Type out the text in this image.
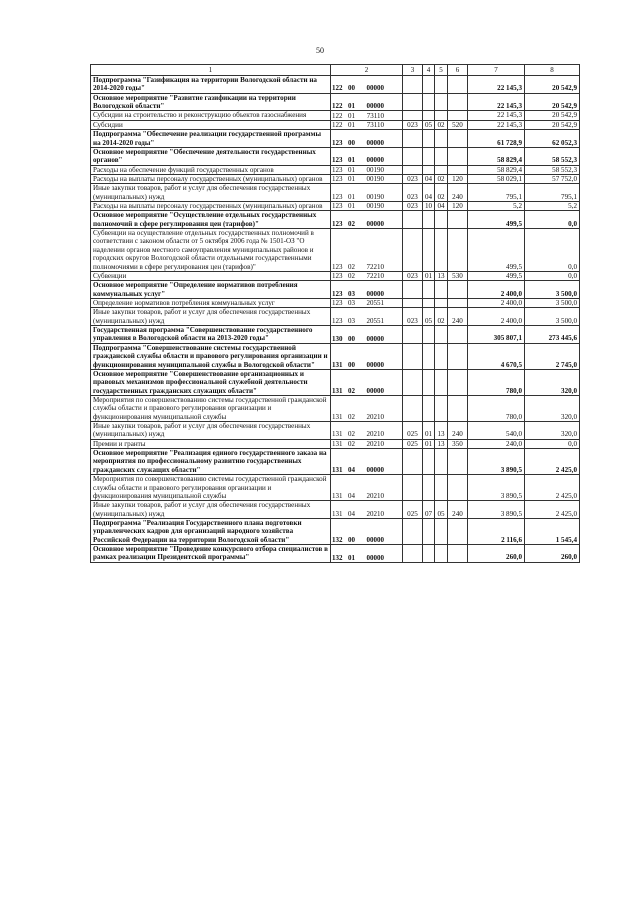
50
1	2	3	4	5	6	7	8
Подпрограмма "Газификация на территории Вологодской области на 2014-2020 годы"	122 00 00000					22 145,3	20 542,9
Основное мероприятие "Развитие газификации на территории Вологодской области"	122 01 00000					22 145,3	20 542,9
Субсидии на строительство и реконструкцию объектов газоснабжения	122 01 73110					22 145,3	20 542,9
Субсидии	122 01 73110	023	05	02	520	22 145,3	20 542,9
Подпрограмма "Обеспечение реализации государственной программы на 2014-2020 годы"	123 00 00000					61 728,9	62 052,3
Основное мероприятие "Обеспечение деятельности государственных органов"	123 01 00000					58 829,4	58 552,3
Расходы на обеспечение функций государственных органов	123 01 00190					58 829,4	58 552,3
Расходы на выплаты персоналу государственных (муниципальных) органов	123 01 00190	023	04	02	120	58 029,1	57 752,0
Иные закупки товаров, работ и услуг для обеспечения государственных (муниципальных) нужд	123 01 00190	023	04	02	240	795,1	795,1
Расходы на выплаты персоналу государственных (муниципальных) органов	123 01 00190	023	10	04	120	5,2	5,2
Основное мероприятие "Осуществление отдельных государственных полномочий в сфере регулирования цен (тарифов)"	123 02 00000					499,5	0,0
Субвенции на осуществление отдельных государственных полномочий в соответствии с законом области от 5 октября 2006 года № 1501-ОЗ "О наделении органов местного самоуправления муниципальных районов и городских округов Вологодской области отдельными государственными полномочиями в сфере регулирования цен (тарифов)"	123 02 72210					499,5	0,0
Субвенции	123 02 72210	023	01	13	530	499,5	0,0
Основное мероприятие "Определение нормативов потребления коммунальных услуг"	123 03 00000					2 400,0	3 500,0
Определение нормативов потребления коммунальных услуг	123 03 20551					2 400,0	3 500,0
Иные закупки товаров, работ и услуг для обеспечения государственных (муниципальных) нужд	123 03 20551	023	05	02	240	2 400,0	3 500,0
Государственная программа "Совершенствование государственного управления в Вологодской области на 2013-2020 годы"	130 00 00000					305 807,1	273 445,6
Подпрограмма "Совершенствование системы государственной гражданской службы области и правового регулирования организации и функционирования муниципальной службы в Вологодской области"	131 00 00000					4 670,5	2 745,0
Основное мероприятие "Совершенствование организационных и правовых механизмов профессиональной служебной деятельности государственных гражданских служащих области"	131 02 00000					780,0	320,0
Мероприятия по совершенствованию системы государственной гражданской службы области и правового регулирования организации и функционирования муниципальной службы	131 02 20210					780,0	320,0
Иные закупки товаров, работ и услуг для обеспечения государственных (муниципальных) нужд	131 02 20210	025	01	13	240	540,0	320,0
Премии и гранты	131 02 20210	025	01	13	350	240,0	0,0
Основное мероприятие "Реализация единого государственного заказа на мероприятия по профессиональному развитию государственных гражданских служащих области"	131 04 00000					3 890,5	2 425,0
Мероприятия по совершенствованию системы государственной гражданской службы области и правового регулирования организации и функционирования муниципальной службы	131 04 20210					3 890,5	2 425,0
Иные закупки товаров, работ и услуг для обеспечения государственных (муниципальных) нужд	131 04 20210	025	07	05	240	3 890,5	2 425,0
Подпрограмма "Реализация Государственного плана подготовки управленческих кадров для организаций народного хозяйства Российской Федерации на территории Вологодской области"	132 00 00000					2 116,6	1 545,4
Основное мероприятие "Проведение конкурсного отбора специалистов в рамках реализации Президентской программы"	132 01 00000					260,0	260,0
